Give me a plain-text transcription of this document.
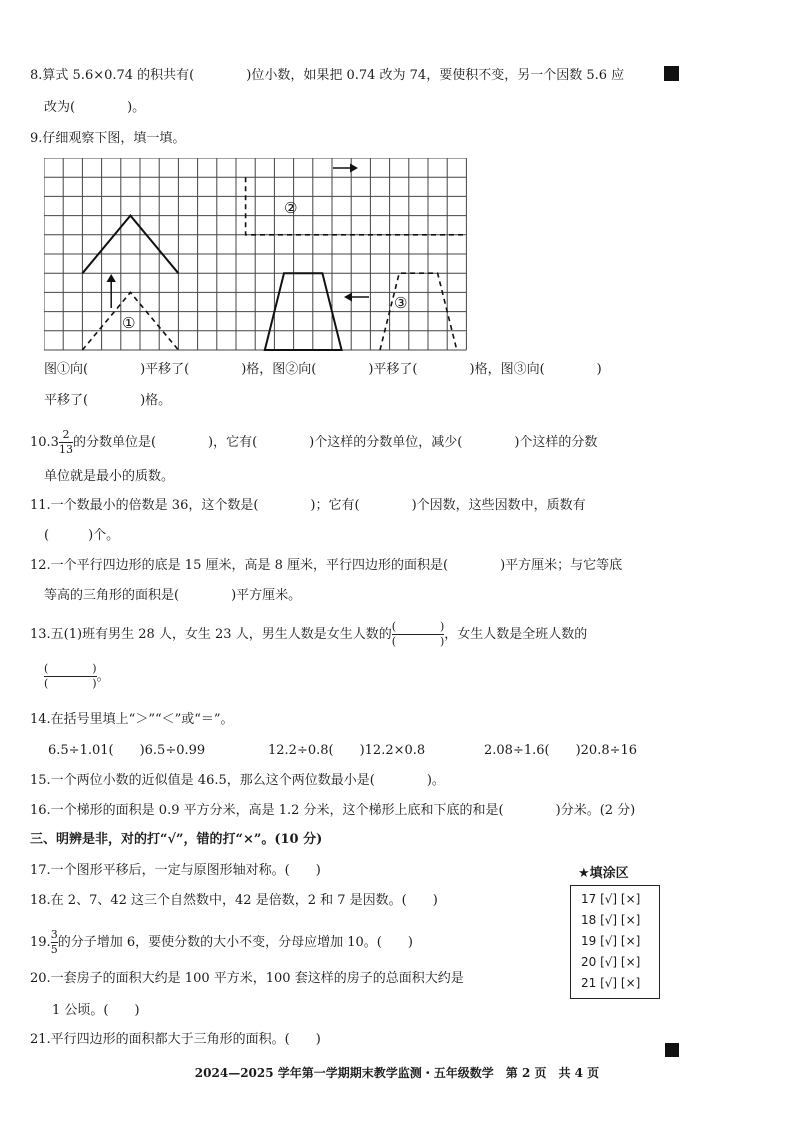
8.算式 5.6×0.74 的积共有(　　　　)位小数，如果把 0.74 改为 74，要使积不变，另一个因数 5.6 应
改为(　　　　)。
9.仔细观察下图，填一填。
①
②
③
图①向(　　　　)平移了(　　　　)格，图②向(　　　　)平移了(　　　　)格，图③向(　　　　)
平移了(　　　　)格。
$10.3 \frac{2}{13}$ 的分数单位是(　　　　)，它有(　　　　)个这样的分数单位，减少(　　　　)个这样的分数
单位就是最小的质数。
11.一个数最小的倍数是 36，这个数是(　　　　)；它有(　　　　)个因数，这些因数中，质数有
(　　　)个。
12.一个平行四边形的底是 15 厘米，高是 8 厘米，平行四边形的面积是(　　　　)平方厘米；与它等底
等高的三角形的面积是(　　　　)平方厘米。
13.五(1)班有男生 28 人，女生 23 人，男生人数是女生人数的 $\frac{( )}{( )}$ ，女生人数是全班人数的
$\frac{( )}{( )}$ 。
14.在括号里填上“＞”“＜”或“＝”。
6.5÷1.01(　　)6.5÷0.99	12.2÷0.8(　　)12.2×0.8	2.08÷1.6(　　)20.8÷16
15.一个两位小数的近似值是 46.5，那么这个两位数最小是(　　　　)。
16.一个梯形的面积是 0.9 平方分米，高是 1.2 分米，这个梯形上底和下底的和是(　　　　)分米。(2 分)
三、明辨是非，对的打“√”，错的打“×”。(10 分)
17.一个图形平移后，一定与原图形轴对称。(　　)
18.在 2、7、42 这三个自然数中，42 是倍数，2 和 7 是因数。(　　)
19. $\frac{3}{5}$ 的分子增加 6，要使分数的大小不变，分母应增加 10。(　　)
20.一套房子的面积大约是 100 平方米，100 套这样的房子的总面积大约是
1 公顷。(　　)
21.平行四边形的面积都大于三角形的面积。(　　)
★填涂区
17 [√] [×]
18 [√] [×]
19 [√] [×]
20 [√] [×]
21 [√] [×]
2024—2025 学年第一学期期末教学监测・五年级数学　第 2 页　共 4 页
